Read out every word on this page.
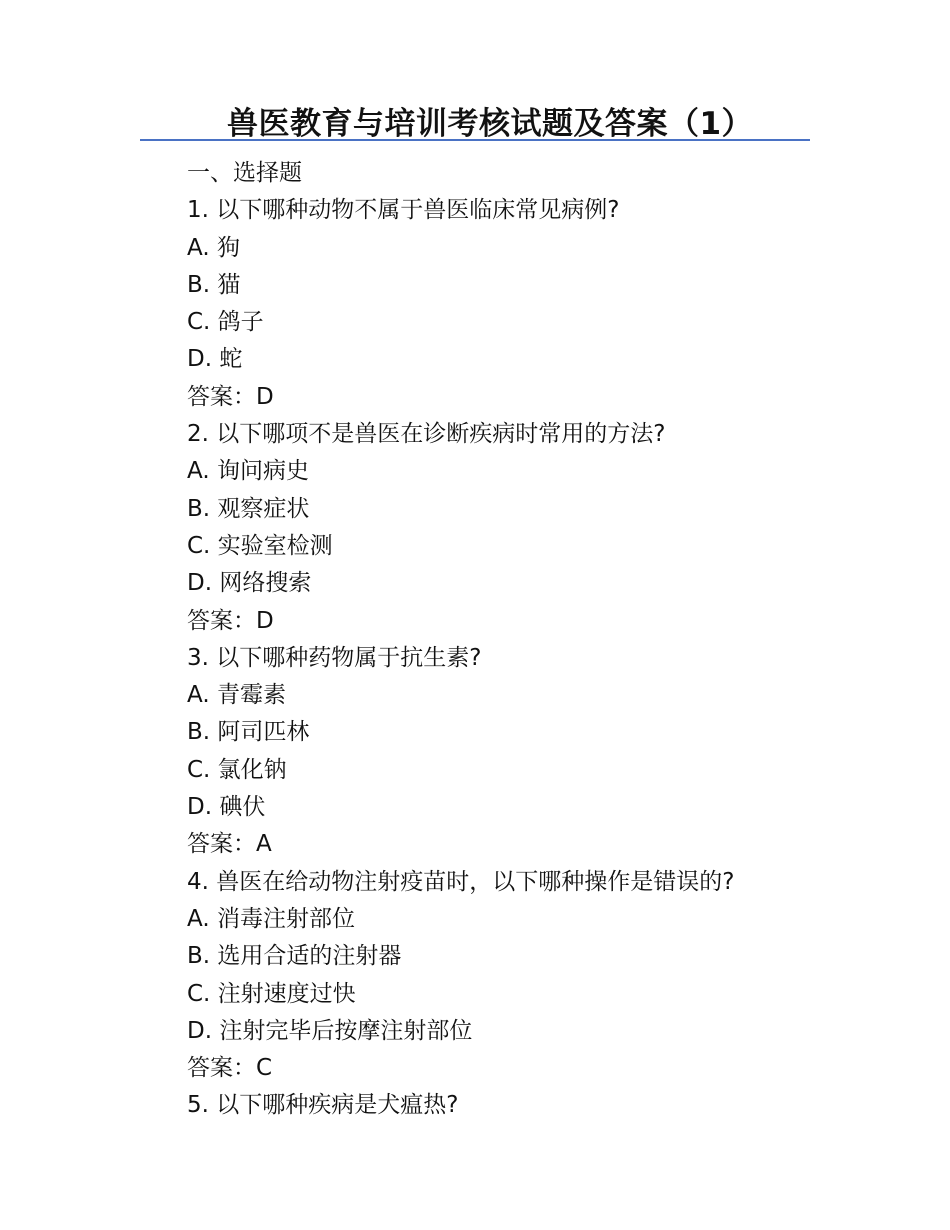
兽医教育与培训考核试题及答案（1）
一、选择题
1. 以下哪种动物不属于兽医临床常见病例?
A. 狗
B. 猫
C. 鸽子
D. 蛇
答案：D
2. 以下哪项不是兽医在诊断疾病时常用的方法?
A. 询问病史
B. 观察症状
C. 实验室检测
D. 网络搜索
答案：D
3. 以下哪种药物属于抗生素?
A. 青霉素
B. 阿司匹林
C. 氯化钠
D. 碘伏
答案：A
4. 兽医在给动物注射疫苗时，以下哪种操作是错误的?
A. 消毒注射部位
B. 选用合适的注射器
C. 注射速度过快
D. 注射完毕后按摩注射部位
答案：C
5. 以下哪种疾病是犬瘟热?
